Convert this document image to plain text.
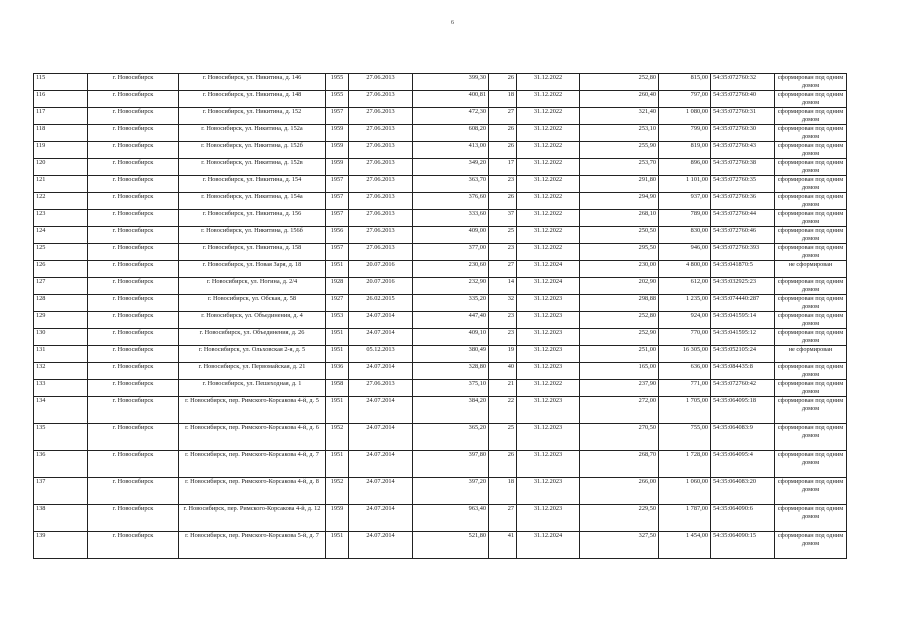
6
115	г. Новосибирск	г. Новосибирск, ул. Никитина, д. 146	1955	27.06.2013	399,30	26	31.12.2022	252,80	815,00	54:35:072760:32	сформирован под одним домом
116	г. Новосибирск	г. Новосибирск, ул. Никитина, д. 148	1955	27.06.2013	400,81	18	31.12.2022	260,40	797,00	54:35:072760:40	сформирован под одним домом
117	г. Новосибирск	г. Новосибирск, ул. Никитина, д. 152	1957	27.06.2013	472,30	27	31.12.2022	321,40	1 080,00	54:35:072760:31	сформирован под одним домом
118	г. Новосибирск	г. Новосибирск, ул. Никитина, д. 152а	1959	27.06.2013	608,20	26	31.12.2022	253,10	799,00	54:35:072760:30	сформирован под одним домом
119	г. Новосибирск	г. Новосибирск, ул. Никитина, д. 152б	1959	27.06.2013	413,00	26	31.12.2022	255,90	819,00	54:35:072760:43	сформирован под одним домом
120	г. Новосибирск	г. Новосибирск, ул. Никитина, д. 152в	1959	27.06.2013	349,20	17	31.12.2022	253,70	896,00	54:35:072760:38	сформирован под одним домом
121	г. Новосибирск	г. Новосибирск, ул. Никитина, д. 154	1957	27.06.2013	363,70	23	31.12.2022	291,80	1 101,00	54:35:072760:35	сформирован под одним домом
122	г. Новосибирск	г. Новосибирск, ул. Никитина, д. 154а	1957	27.06.2013	376,60	26	31.12.2022	294,90	937,00	54:35:072760:36	сформирован под одним домом
123	г. Новосибирск	г. Новосибирск, ул. Никитина, д. 156	1957	27.06.2013	333,60	37	31.12.2022	268,10	789,00	54:35:072760:44	сформирован под одним домом
124	г. Новосибирск	г. Новосибирск, ул. Никитина, д. 156б	1956	27.06.2013	409,00	25	31.12.2022	250,50	830,00	54:35:072760:46	сформирован под одним домом
125	г. Новосибирск	г. Новосибирск, ул. Никитина, д. 158	1957	27.06.2013	377,00	23	31.12.2022	295,50	946,00	54:35:072760:393	сформирован под одним домом
126	г. Новосибирск	г. Новосибирск, ул. Новая Заря, д. 18	1951	20.07.2016	230,60	27	31.12.2024	230,00	4 800,00	54:35:041870:5	не сформирован
127	г. Новосибирск	г. Новосибирск, ул. Ногина, д. 2/4	1928	20.07.2016	232,90	14	31.12.2024	202,90	612,00	54:35:032925:23	сформирован под одним домом
128	г. Новосибирск	г. Новосибирск, ул. Обская, д. 58	1927	26.02.2015	335,20	32	31.12.2023	298,88	1 235,00	54:35:074440:287	сформирован под одним домом
129	г. Новосибирск	г. Новосибирск, ул. Объединения, д. 4	1953	24.07.2014	447,40	23	31.12.2023	252,80	924,00	54:35:041595:14	сформирован под одним домом
130	г. Новосибирск	г. Новосибирск, ул. Объединения, д. 26	1951	24.07.2014	409,10	23	31.12.2023	252,90	770,00	54:35:041595:12	сформирован под одним домом
131	г. Новосибирск	г. Новосибирск, ул. Ольховская 2-я, д. 5	1951	05.12.2013	380,49	19	31.12.2023	251,00	16 305,00	54:35:052105:24	не сформирован
132	г. Новосибирск	г. Новосибирск, ул. Первомайская, д. 21	1936	24.07.2014	328,80	40	31.12.2023	165,00	636,00	54:35:084435:8	сформирован под одним домом
133	г. Новосибирск	г. Новосибирск, ул. Пешеходная, д. 1	1958	27.06.2013	375,10	21	31.12.2022	237,90	771,00	54:35:072760:42	сформирован под одним домом
134	г. Новосибирск	г. Новосибирск, пер. Римского-Корсакова 4-й, д. 5	1951	24.07.2014	384,20	22	31.12.2023	272,00	1 705,00	54:35:064095:18	сформирован под одним домом
135	г. Новосибирск	г. Новосибирск, пер. Римского-Корсакова 4-й, д. 6	1952	24.07.2014	365,20	25	31.12.2023	270,50	755,00	54:35:064083:9	сформирован под одним домом
136	г. Новосибирск	г. Новосибирск, пер. Римского-Корсакова 4-й, д. 7	1951	24.07.2014	397,80	26	31.12.2023	268,70	1 728,00	54:35:064095:4	сформирован под одним домом
137	г. Новосибирск	г. Новосибирск, пер. Римского-Корсакова 4-й, д. 8	1952	24.07.2014	397,20	18	31.12.2023	266,00	1 060,00	54:35:064083:20	сформирован под одним домом
138	г. Новосибирск	г. Новосибирск, пер. Римского-Корсакова 4-й, д. 12	1959	24.07.2014	963,40	27	31.12.2023	229,50	1 787,00	54:35:064090:6	сформирован под одним домом
139	г. Новосибирск	г. Новосибирск, пер. Римского-Корсакова 5-й, д. 7	1951	24.07.2014	521,80	41	31.12.2024	327,50	1 454,00	54:35:064090:15	сформирован под одним домом
